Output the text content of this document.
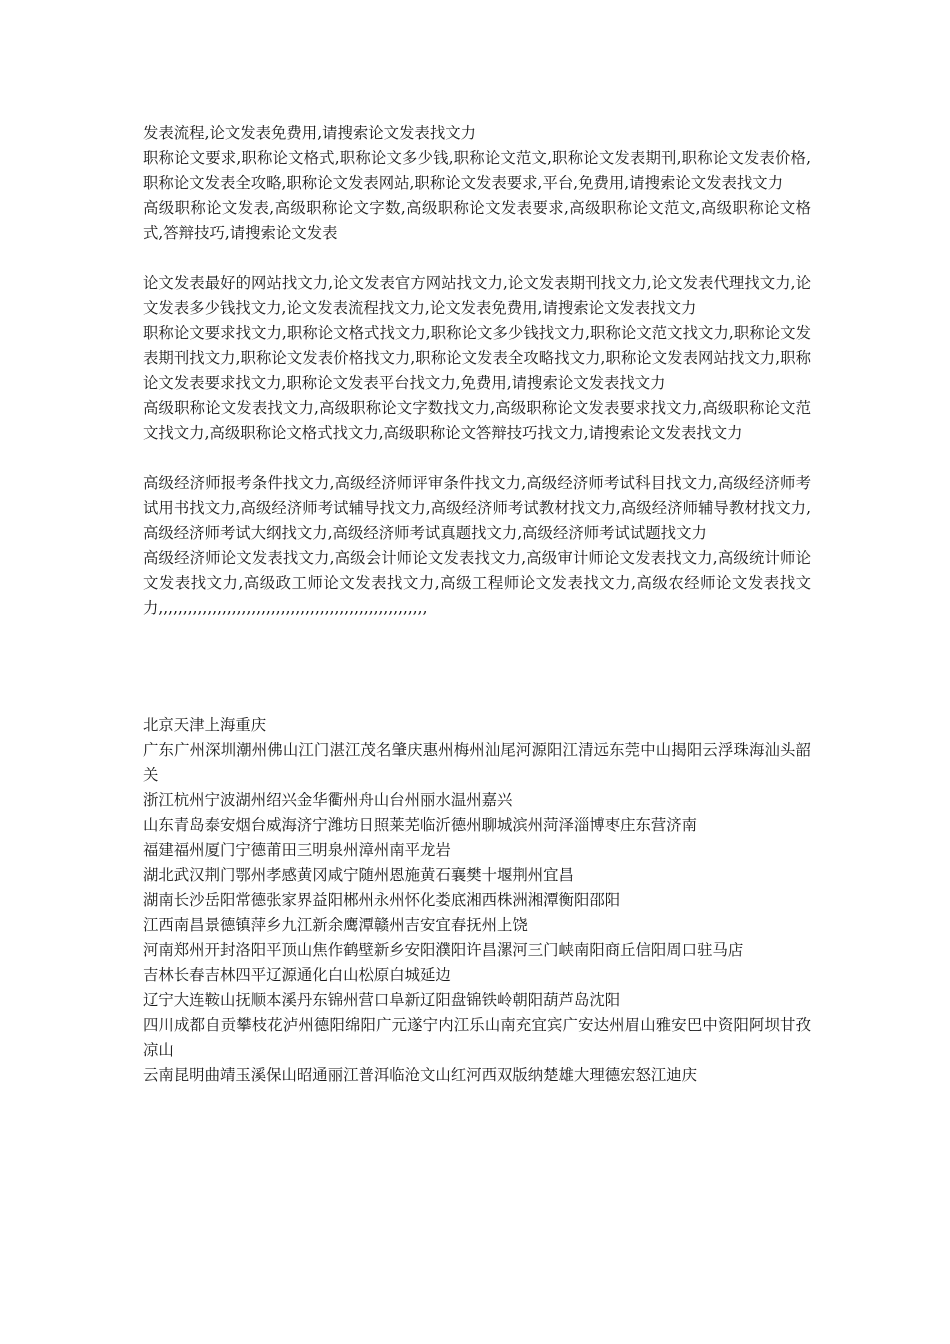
发表流程,论文发表免费用,请搜索论文发表找文力

职称论文要求,职称论文格式,职称论文多少钱,职称论文范文,职称论文发表期刊,职称论文发表价格,职称论文发表全攻略,职称论文发表网站,职称论文发表要求,平台,免费用,请搜索论文发表找文力

高级职称论文发表,高级职称论文字数,高级职称论文发表要求,高级职称论文范文,高级职称论文格式,答辩技巧,请搜索论文发表

论文发表最好的网站找文力,论文发表官方网站找文力,论文发表期刊找文力,论文发表代理找文力,论文发表多少钱找文力,论文发表流程找文力,论文发表免费用,请搜索论文发表找文力

职称论文要求找文力,职称论文格式找文力,职称论文多少钱找文力,职称论文范文找文力,职称论文发表期刊找文力,职称论文发表价格找文力,职称论文发表全攻略找文力,职称论文发表网站找文力,职称论文发表要求找文力,职称论文发表平台找文力,免费用,请搜索论文发表找文力

高级职称论文发表找文力,高级职称论文字数找文力,高级职称论文发表要求找文力,高级职称论文范文找文力,高级职称论文格式找文力,高级职称论文答辩技巧找文力,请搜索论文发表找文力

高级经济师报考条件找文力,高级经济师评审条件找文力,高级经济师考试科目找文力,高级经济师考试用书找文力,高级经济师考试辅导找文力,高级经济师考试教材找文力,高级经济师辅导教材找文力,高级经济师考试大纲找文力,高级经济师考试真题找文力,高级经济师考试试题找文力

高级经济师论文发表找文力,高级会计师论文发表找文力,高级审计师论文发表找文力,高级统计师论文发表找文力,高级政工师论文发表找文力,高级工程师论文发表找文力,高级农经师论文发表找文力,,,,,,,,,,,,,,,,,,,,,,,,,,,,,,,,,,,,,,,,,,,,,,,,,,,,,,,

北京天津上海重庆

广东广州深圳潮州佛山江门湛江茂名肇庆惠州梅州汕尾河源阳江清远东莞中山揭阳云浮珠海汕头韶关

浙江杭州宁波湖州绍兴金华衢州舟山台州丽水温州嘉兴

山东青岛泰安烟台威海济宁潍坊日照莱芜临沂德州聊城滨州菏泽淄博枣庄东营济南

福建福州厦门宁德莆田三明泉州漳州南平龙岩

湖北武汉荆门鄂州孝感黄冈咸宁随州恩施黄石襄樊十堰荆州宜昌

湖南长沙岳阳常德张家界益阳郴州永州怀化娄底湘西株洲湘潭衡阳邵阳

江西南昌景德镇萍乡九江新余鹰潭赣州吉安宜春抚州上饶

河南郑州开封洛阳平顶山焦作鹤壁新乡安阳濮阳许昌漯河三门峡南阳商丘信阳周口驻马店

吉林长春吉林四平辽源通化白山松原白城延边

辽宁大连鞍山抚顺本溪丹东锦州营口阜新辽阳盘锦铁岭朝阳葫芦岛沈阳

四川成都自贡攀枝花泸州德阳绵阳广元遂宁内江乐山南充宜宾广安达州眉山雅安巴中资阳阿坝甘孜凉山

云南昆明曲靖玉溪保山昭通丽江普洱临沧文山红河西双版纳楚雄大理德宏怒江迪庆
